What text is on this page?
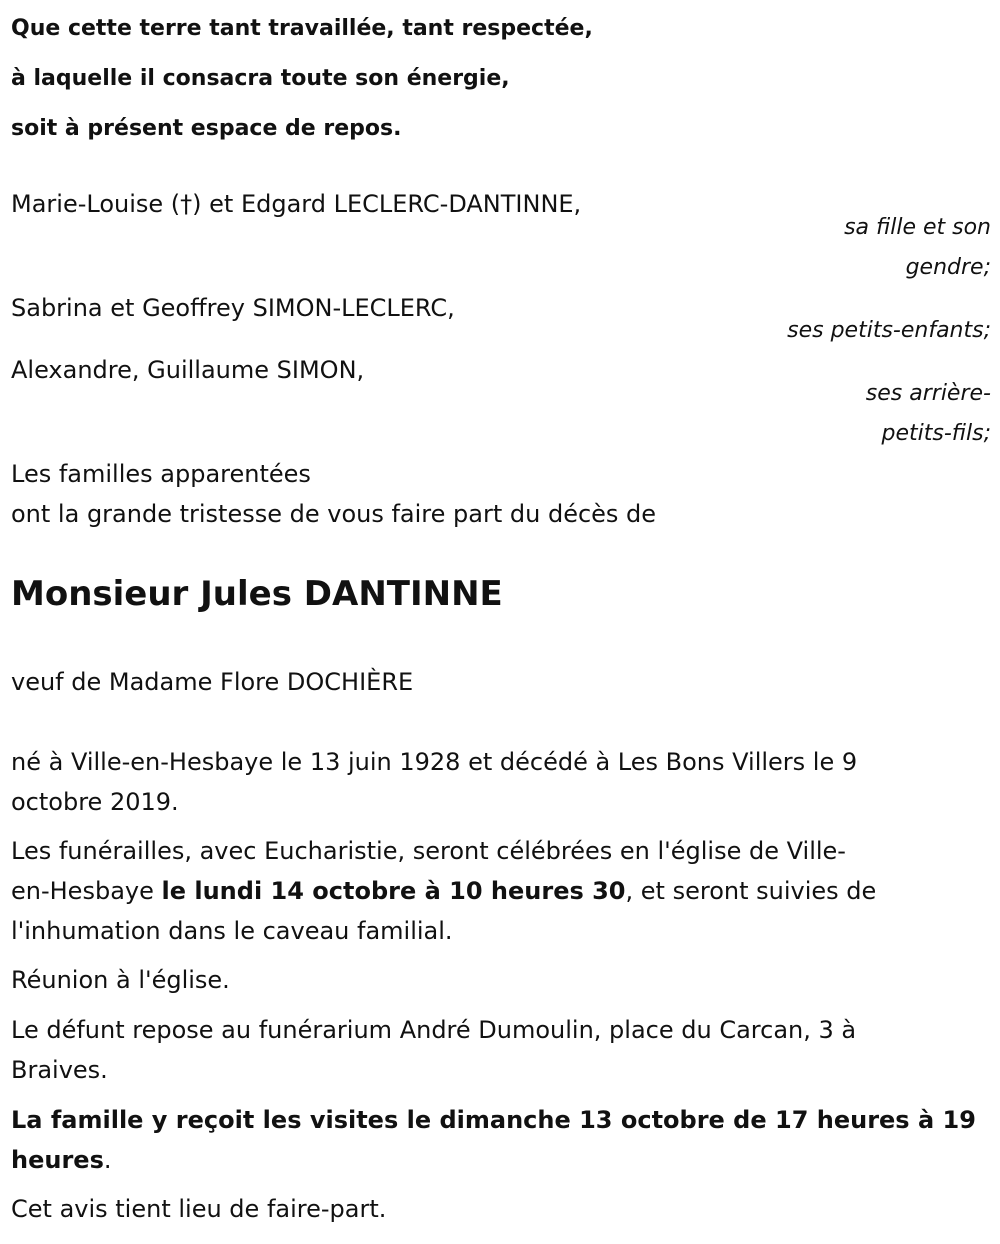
Que cette terre tant travaillée, tant respectée,
à laquelle il consacra toute son énergie,
soit à présent espace de repos.
Marie-Louise (†) et Edgard LECLERC-DANTINNE,
sa fille et son
gendre;
Sabrina et Geoffrey SIMON-LECLERC,
ses petits-enfants;
Alexandre, Guillaume SIMON,
ses arrière-
petits-fils;
Les familles apparentées
ont la grande tristesse de vous faire part du décès de
Monsieur Jules DANTINNE
veuf de Madame Flore DOCHIÈRE
né à Ville-en-Hesbaye le 13 juin 1928 et décédé à Les Bons Villers le 9
octobre 2019.
Les funérailles, avec Eucharistie, seront célébrées en l'église de Ville-
en-Hesbaye le lundi 14 octobre à 10 heures 30, et seront suivies de
l'inhumation dans le caveau familial.
Réunion à l'église.
Le défunt repose au funérarium André Dumoulin, place du Carcan, 3 à
Braives.
La famille y reçoit les visites le dimanche 13 octobre de 17 heures à 19
heures.
Cet avis tient lieu de faire-part.
